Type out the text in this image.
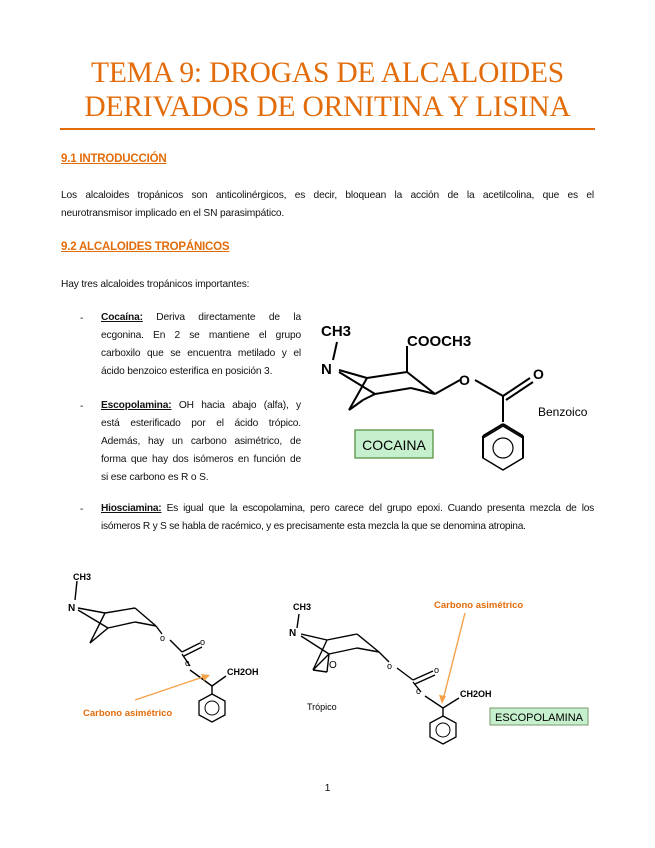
TEMA 9: DROGAS DE ALCALOIDES
DERIVADOS DE ORNITINA Y LISINA
9.1 INTRODUCCIÓN
Los alcaloides tropánicos son anticolinérgicos, es decir, bloquean la acción de la acetilcolina, que es el
neurotransmisor implicado en el SN parasimpático.
9.2 ALCALOIDES TROPÁNICOS
Hay tres alcaloides tropánicos importantes:
- Cocaína: Deriva directamente de la
ecgonina. En 2 se mantiene el grupo
carboxilo que se encuentra metilado y el
ácido benzoico esterifica en posición 3.
- Escopolamina: OH hacia abajo (alfa), y
está esterificado por el ácido trópico.
Además, hay un carbono asimétrico, de
forma que hay dos isómeros en función de
si ese carbono es R o S.
- Hiosciamina: Es igual que la escopolamina, pero carece del grupo epoxi. Cuando presenta mezcla de los
isómeros R y S se habla de racémico, y es precisamente esta mezcla la que se denomina atropina.
CH3
N
COOCH3
O	O
Benzoico
COCAINA
CH3
N
o	o
c
CH2OH
Carbono asimétrico
Carbono asimétrico
CH3
N
O	o	o
c	CH2OH
Trópico
ESCOPOLAMINA
1
